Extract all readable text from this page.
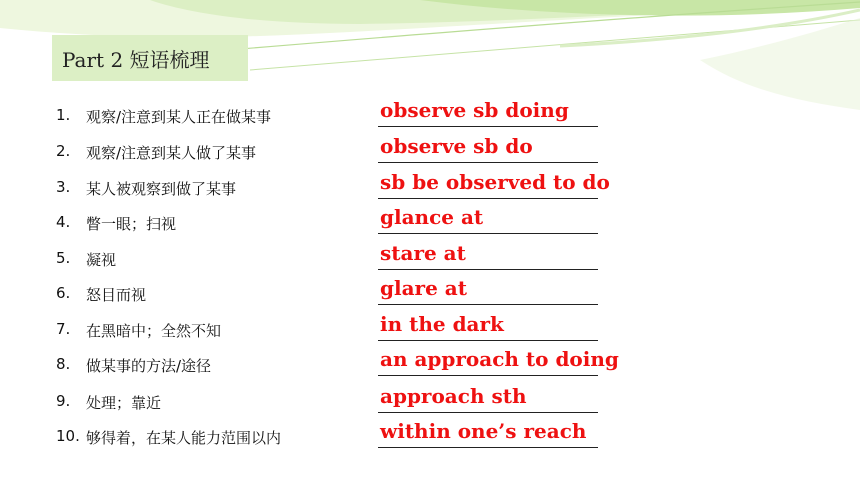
Part 2 短语梳理
1.	观察/注意到某人正在做某事	observe sb doing
2.	观察/注意到某人做了某事	observe sb do
3.	某人被观察到做了某事	sb be observed to do
4.	瞥一眼；扫视	glance at
5.	凝视	stare at
6.	怒目而视	glare at
7.	在黑暗中；全然不知	in the dark
8.	做某事的方法/途径	an approach to doing
9.	处理；靠近	approach sth
10. 够得着，在某人能力范围以内	within one’s reach
